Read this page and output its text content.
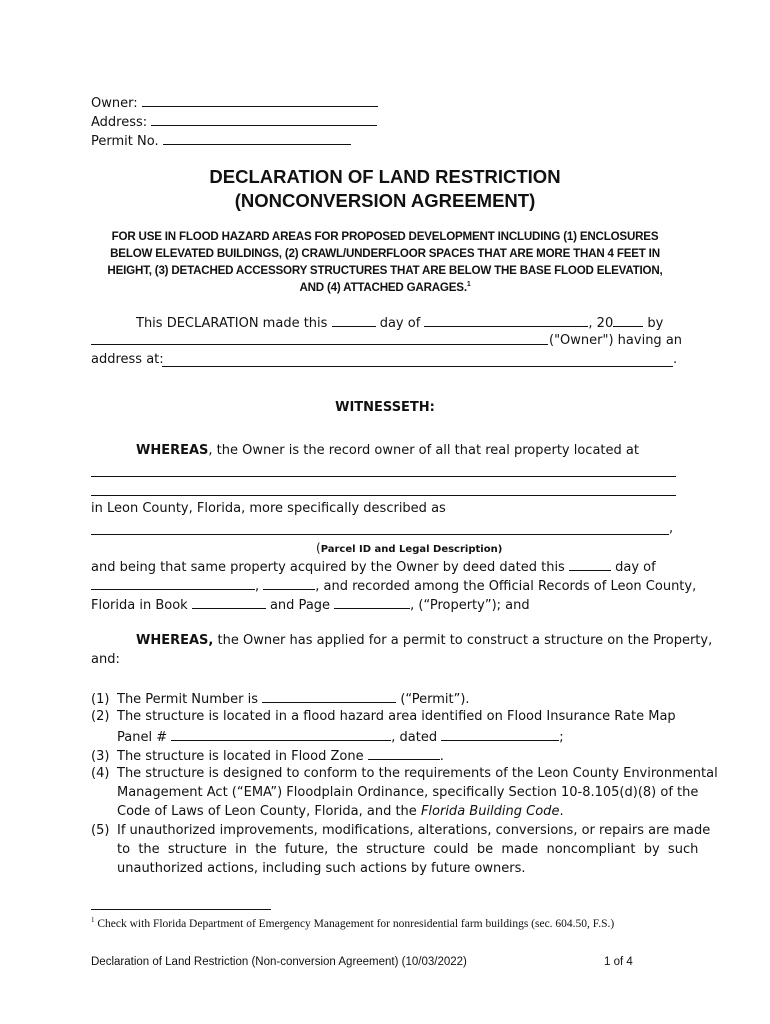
Owner:
Address:
Permit No.
DECLARATION OF LAND RESTRICTION
(NONCONVERSION AGREEMENT)
FOR USE IN FLOOD HAZARD AREAS FOR PROPOSED DEVELOPMENT INCLUDING (1) ENCLOSURES
BELOW ELEVATED BUILDINGS, (2) CRAWL/UNDERFLOOR SPACES THAT ARE MORE THAN 4 FEET IN
HEIGHT, (3) DETACHED ACCESSORY STRUCTURES THAT ARE BELOW THE BASE FLOOD ELEVATION,
AND (4) ATTACHED GARAGES.$^1$
This DECLARATION made this	day of	, 20	by
("Owner") having an
address at:	.
WITNESSETH:
WHEREAS, the Owner is the record owner of all that real property located at
in Leon County, Florida, more specifically described as
,
(Parcel ID and Legal Description)
and being that same property acquired by the Owner by deed dated this	day of
,	, and recorded among the Official Records of Leon County,
Florida in Book	and Page	, (“Property”); and
WHEREAS, the Owner has applied for a permit to construct a structure on the Property,
and:
(1) The Permit Number is	(“Permit”).
(2) The structure is located in a flood hazard area identified on Flood Insurance Rate Map
Panel #	, dated	;
(3) The structure is located in Flood Zone	.
(4) The structure is designed to conform to the requirements of the Leon County Environmental
Management Act (“EMA”) Floodplain Ordinance, specifically Section 10-8.105(d)(8) of the
Code of Laws of Leon County, Florida, and the Florida Building Code.
(5) If unauthorized improvements, modifications, alterations, conversions, or repairs are made
to  the  structure  in  the  future,  the  structure  could  be  made  noncompliant  by  such
unauthorized actions, including such actions by future owners.
$^1$ Check with Florida Department of Emergency Management for nonresidential farm buildings (sec. 604.50, F.S.)
Declaration of Land Restriction (Non-conversion Agreement) (10/03/2022)	1 of 4
